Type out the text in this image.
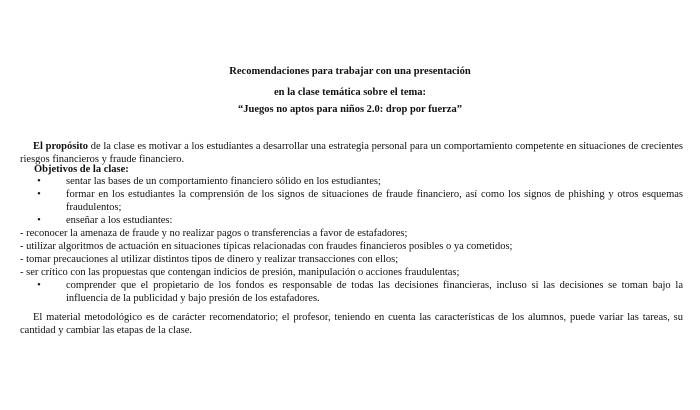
Recomendaciones para trabajar con una presentación
en la clase temática sobre el tema:
“Juegos no aptos para niños 2.0: drop por fuerza”
El propósito de la clase es motivar a los estudiantes a desarrollar una estrategia personal para un comportamiento competente en situaciones de crecientes riesgos financieros y fraude financiero.
Objetivos de la clase:
•	sentar las bases de un comportamiento financiero sólido en los estudiantes;
•	formar en los estudiantes la comprensión de los signos de situaciones de fraude financiero, así como los signos de phishing y otros esquemas fraudulentos;
•	enseñar a los estudiantes:
- reconocer la amenaza de fraude y no realizar pagos o transferencias a favor de estafadores;
- utilizar algoritmos de actuación en situaciones típicas relacionadas con fraudes financieros posibles o ya cometidos;
- tomar precauciones al utilizar distintos tipos de dinero y realizar transacciones con ellos;
- ser crítico con las propuestas que contengan indicios de presión, manipulación o acciones fraudulentas;
•	comprender que el propietario de los fondos es responsable de todas las decisiones financieras, incluso si las decisiones se toman bajo la influencia de la publicidad y bajo presión de los estafadores.
El material metodológico es de carácter recomendatorio; el profesor, teniendo en cuenta las características de los alumnos, puede variar las tareas, su cantidad y cambiar las etapas de la clase.
